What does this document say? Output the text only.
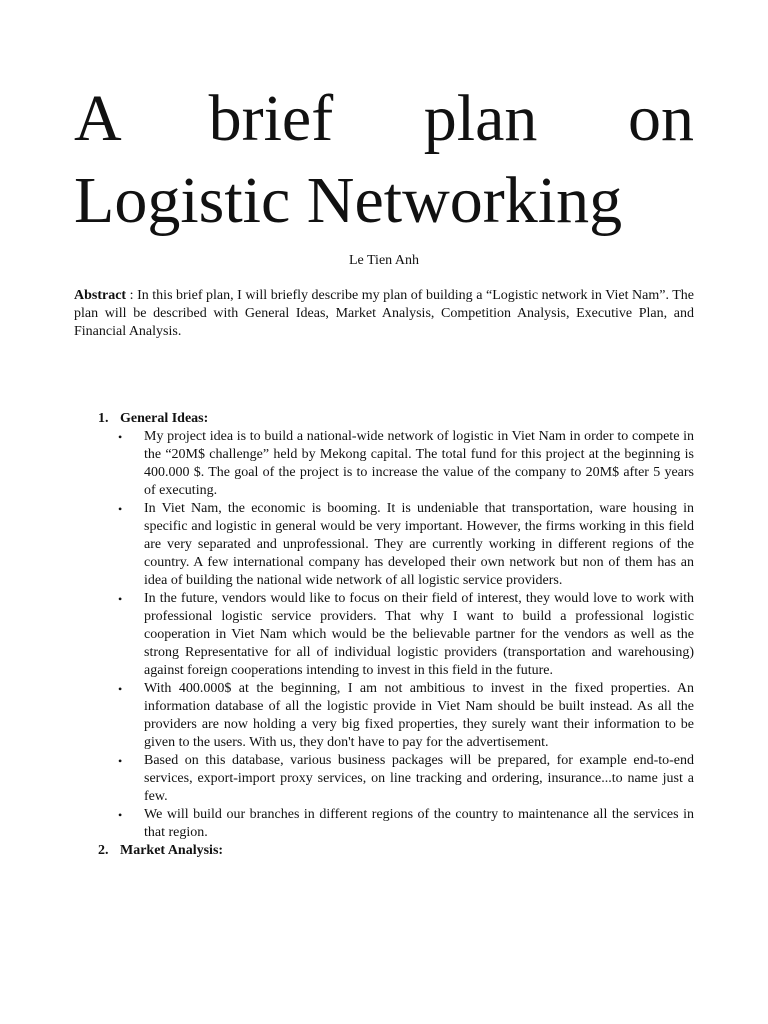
A brief plan on
Logistic Networking
Le Tien Anh

Abstract : In this brief plan, I will briefly describe my plan of building a “Logistic network in Viet Nam”. The plan will be described with General Ideas, Market Analysis, Competition Analysis, Executive Plan, and Financial Analysis.

1. General Ideas:
•	My project idea is to build a national-wide network of logistic in Viet Nam in order to compete in the “20M$ challenge” held by Mekong capital. The total fund for this project at the beginning is 400.000 $. The goal of the project is to increase the value of the company to 20M$ after 5 years of executing.
•	In Viet Nam, the economic is booming. It is undeniable that transportation, ware housing in specific and logistic in general would be very important. However, the firms working in this field are very separated and unprofessional. They are currently working in different regions of the country. A few international company has developed their own network but non of them has an idea of building the national wide network of all logistic service providers.
•	In the future, vendors would like to focus on their field of interest, they would love to work with professional logistic service providers. That why I want to build a professional logistic cooperation in Viet Nam which would be the believable partner for the vendors as well as the strong Representative for all of individual logistic providers (transportation and warehousing) against foreign cooperations intending to invest in this field in the future.
•	With 400.000$ at the beginning, I am not ambitious to invest in the fixed properties. An information database of all the logistic provide in Viet Nam should be built instead. As all the providers are now holding a very big fixed properties, they surely want their information to be given to the users. With us, they don't have to pay for the advertisement.
•	Based on this database, various business packages will be prepared, for example end-to-end services, export-import proxy services, on line tracking and ordering, insurance...to name just a few.
•	We will build our branches in different regions of the country to maintenance all the services in that region.
2. Market Analysis:
